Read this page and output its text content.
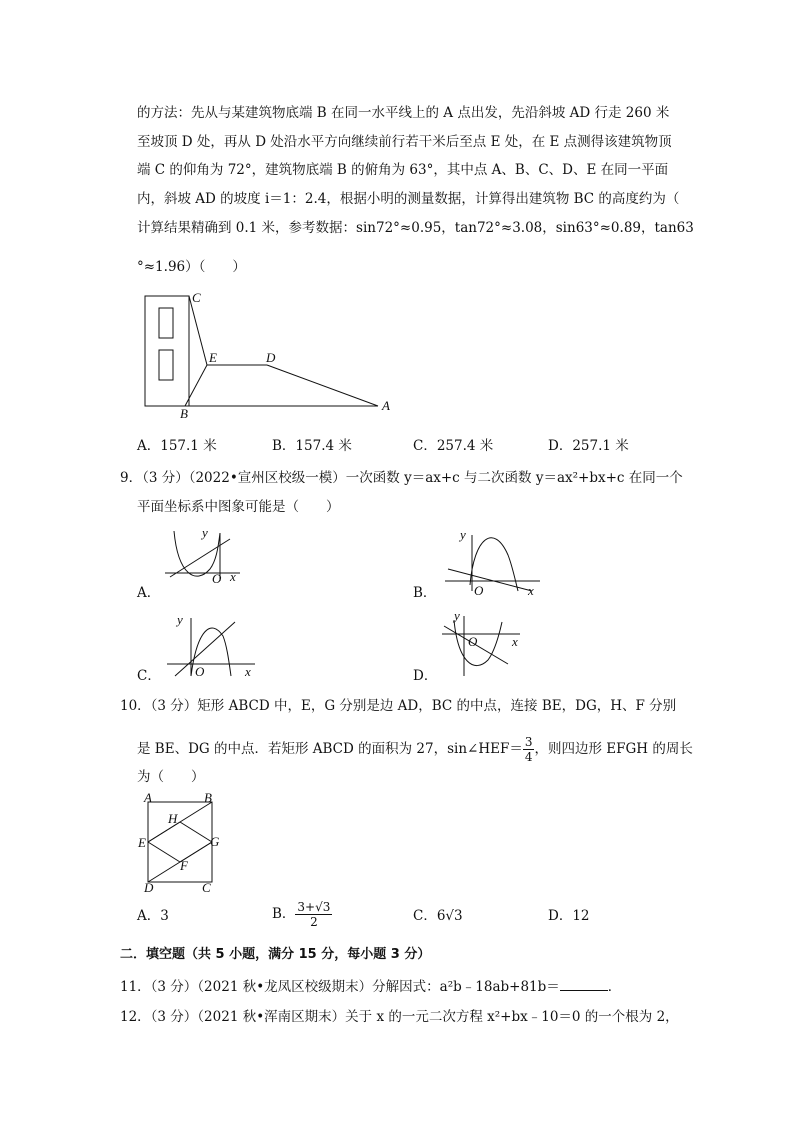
的方法：先从与某建筑物底端 B 在同一水平线上的 A 点出发，先沿斜坡 AD 行走 260 米
至坡顶 D 处，再从 D 处沿水平方向继续前行若干米后至点 E 处，在 E 点测得该建筑物顶
端 C 的仰角为 72°，建筑物底端 B 的俯角为 63°，其中点 A、B、C、D、E 在同一平面
内，斜坡 AD 的坡度 i＝1：2.4，根据小明的测量数据，计算得出建筑物 BC 的高度约为（
计算结果精确到 0.1 米，参考数据：sin72°≈0.95，tan72°≈3.08，sin63°≈0.89，tan63
°≈1.96）（　　）
C
E	D
B
A
A．157.1 米	B．157.4 米	C．257.4 米	D．257.1 米
9．（3 分）（2022•宣州区校级一模）一次函数 y＝ax+c 与二次函数 y＝ax²+bx+c 在同一个
平面坐标系中图象可能是（　　）
A．
y
x
O
B．
y
x
O
C．
y
x
O	D．
y
x
O
10．（3 分）矩形 ABCD 中，E，G 分别是边 AD，BC 的中点，连接 BE，DG，H、F 分别
是 BE、DG 的中点．若矩形 ABCD 的面积为 27，sin∠HEF＝ $\frac{3}{4}$ ，则四边形 EFGH 的周长
为（　　）
A	B
H
E	G
F
D	C
A．3	B． $\frac{3+√3}{2}$	C．6√3	D．12
二．填空题（共 5 小题，满分 15 分，每小题 3 分）
11．（3 分）（2021 秋•龙凤区校级期末）分解因式：a²b﹣18ab+81b＝	．
12．（3 分）（2021 秋•浑南区期末）关于 x 的一元二次方程 x²+bx﹣10＝0 的一个根为 2，
